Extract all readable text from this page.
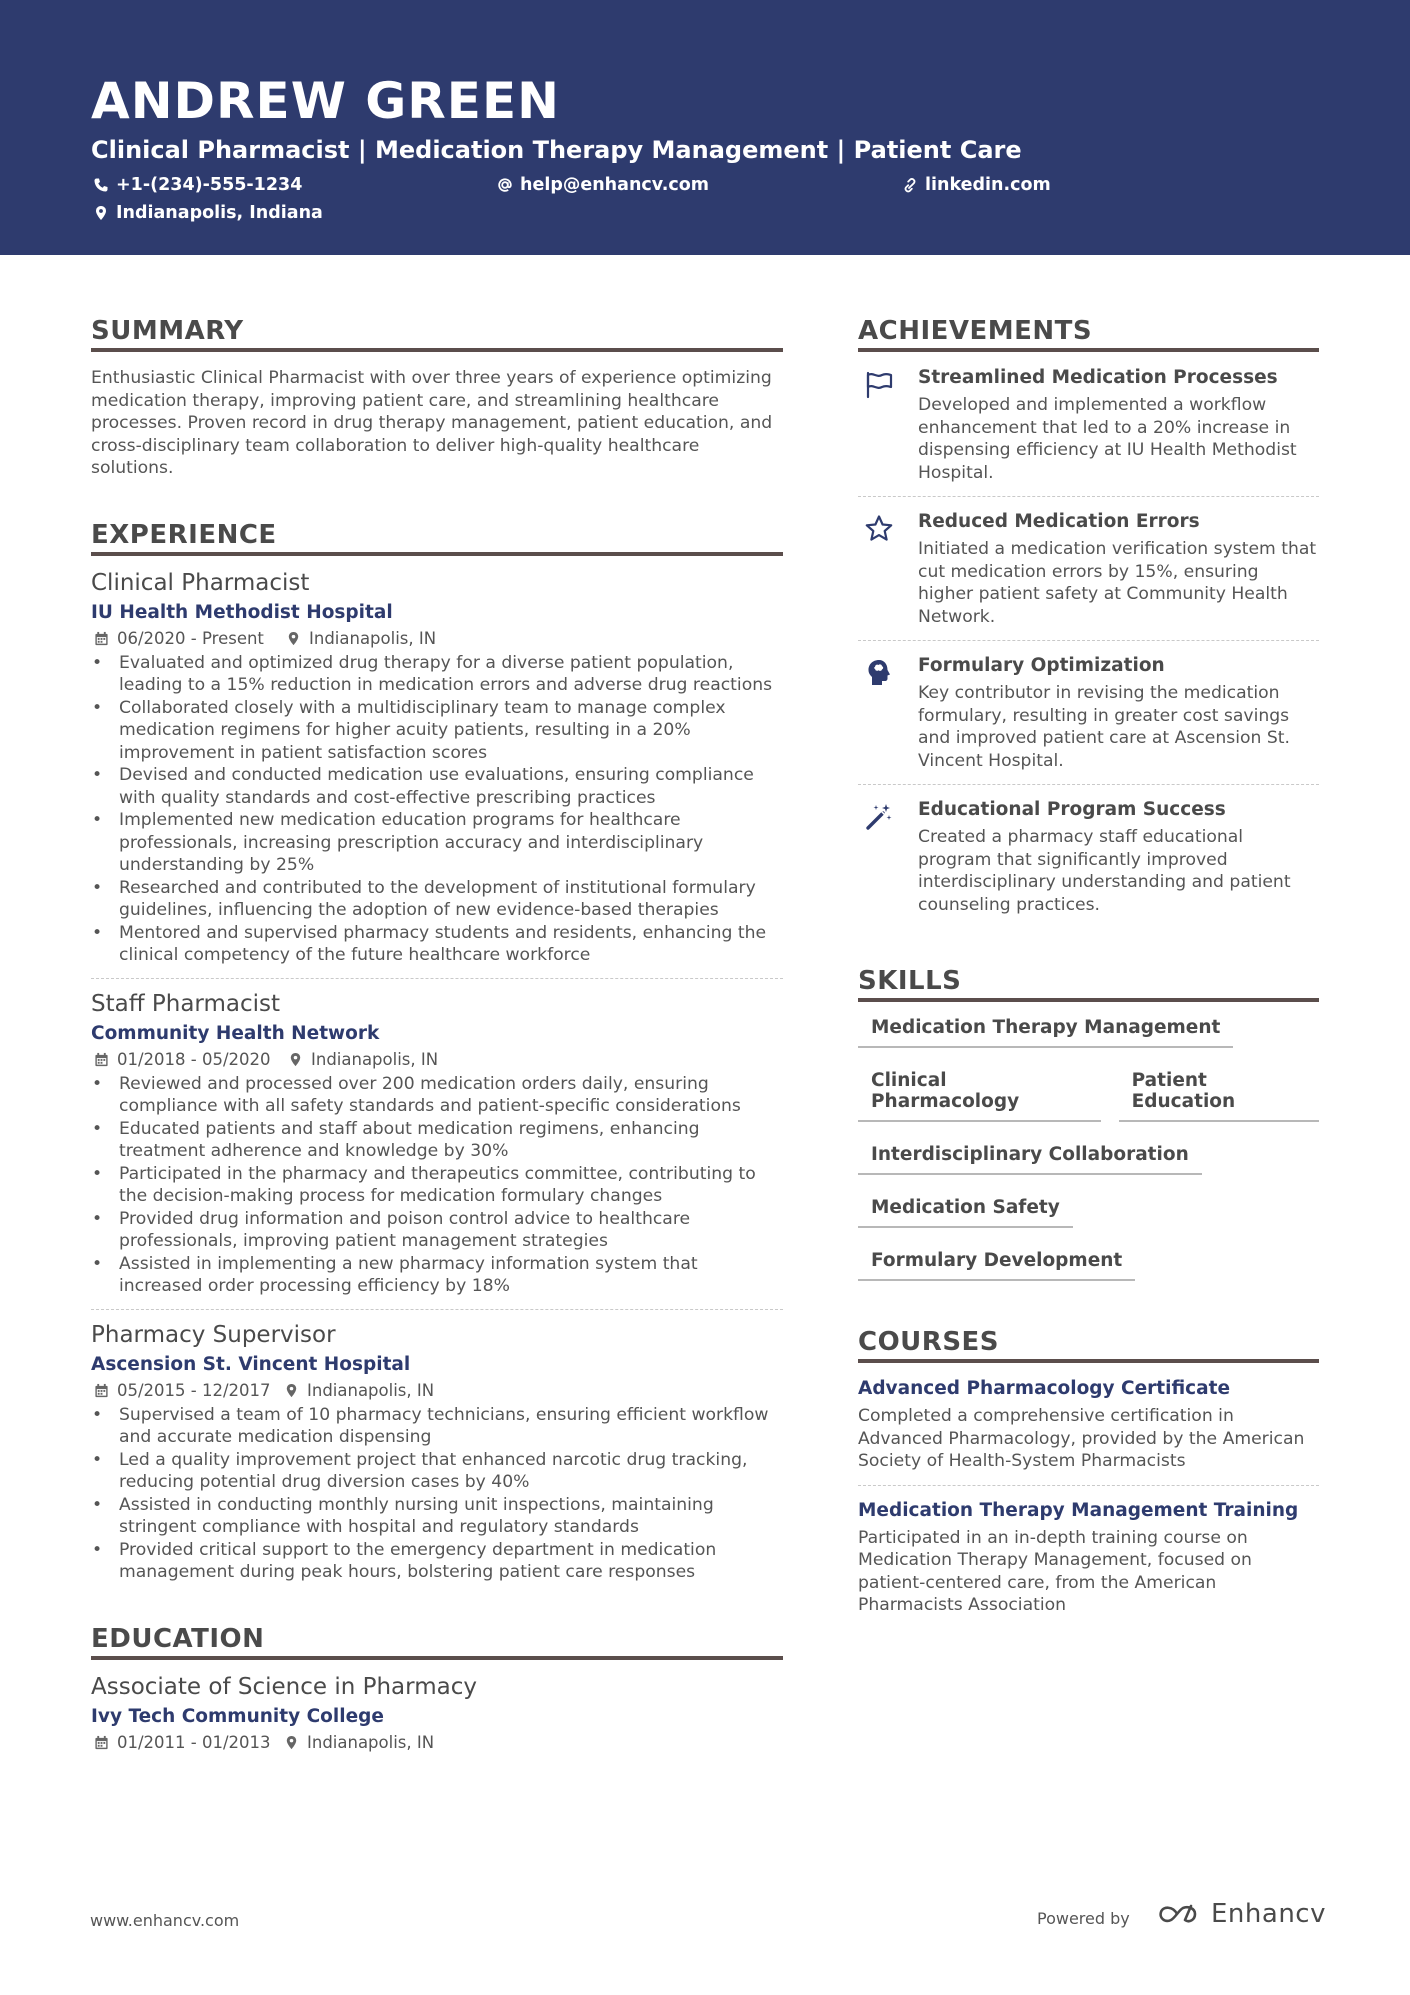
ANDREW GREEN
Clinical Pharmacist | Medication Therapy Management | Patient Care
+1-(234)-555-1234	help@enhancv.com	linkedin.com
Indianapolis, Indiana
SUMMARY

Enthusiastic Clinical Pharmacist with over three years of experience optimizing medication therapy, improving patient care, and streamlining healthcare processes. Proven record in drug therapy management, patient education, and cross-disciplinary team collaboration to deliver high-quality healthcare solutions.

EXPERIENCE
Clinical Pharmacist
IU Health Methodist Hospital
06/2020 - Present	Indianapolis, IN
• Evaluated and optimized drug therapy for a diverse patient population, leading to a 15% reduction in medication errors and adverse drug reactions
• Collaborated closely with a multidisciplinary team to manage complex medication regimens for higher acuity patients, resulting in a 20% improvement in patient satisfaction scores
• Devised and conducted medication use evaluations, ensuring compliance with quality standards and cost-effective prescribing practices
• Implemented new medication education programs for healthcare professionals, increasing prescription accuracy and interdisciplinary understanding by 25%
• Researched and contributed to the development of institutional formulary guidelines, influencing the adoption of new evidence-based therapies
• Mentored and supervised pharmacy students and residents, enhancing the clinical competency of the future healthcare workforce
Staff Pharmacist
Community Health Network
01/2018 - 05/2020 Indianapolis, IN
• Reviewed and processed over 200 medication orders daily, ensuring compliance with all safety standards and patient-specific considerations
• Educated patients and staff about medication regimens, enhancing treatment adherence and knowledge by 30%
• Participated in the pharmacy and therapeutics committee, contributing to the decision-making process for medication formulary changes
• Provided drug information and poison control advice to healthcare professionals, improving patient management strategies
• Assisted in implementing a new pharmacy information system that increased order processing efficiency by 18%
Pharmacy Supervisor
Ascension St. Vincent Hospital
05/2015 - 12/2017 Indianapolis, IN
• Supervised a team of 10 pharmacy technicians, ensuring efficient workflow and accurate medication dispensing
• Led a quality improvement project that enhanced narcotic drug tracking, reducing potential drug diversion cases by 40%
• Assisted in conducting monthly nursing unit inspections, maintaining stringent compliance with hospital and regulatory standards
• Provided critical support to the emergency department in medication management during peak hours, bolstering patient care responses
EDUCATION
Associate of Science in Pharmacy
Ivy Tech Community College
01/2011 - 01/2013 Indianapolis, IN
ACHIEVEMENTS
Streamlined Medication Processes
Developed and implemented a workflow enhancement that led to a 20% increase in dispensing efficiency at IU Health Methodist Hospital.
Reduced Medication Errors
Initiated a medication verification system that cut medication errors by 15%, ensuring higher patient safety at Community Health Network.
Formulary Optimization
Key contributor in revising the medication formulary, resulting in greater cost savings and improved patient care at Ascension St. Vincent Hospital.
Educational Program Success
Created a pharmacy staff educational program that significantly improved interdisciplinary understanding and patient counseling practices.
SKILLS
Medication Therapy Management
Clinical Pharmacology
Patient Education
Interdisciplinary Collaboration
Medication Safety
Formulary Development
COURSES
Advanced Pharmacology Certificate
Completed a comprehensive certification in Advanced Pharmacology, provided by the American Society of Health-System Pharmacists
Medication Therapy Management Training
Participated in an in-depth training course on Medication Therapy Management, focused on patient-centered care, from the American Pharmacists Association
www.enhancv.com	Powered by	Enhancv
